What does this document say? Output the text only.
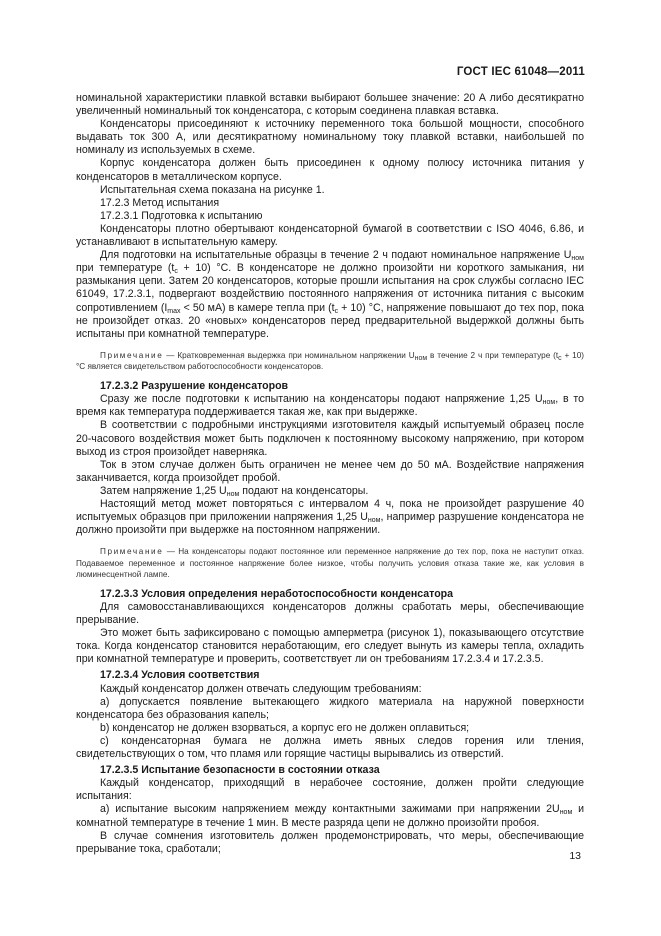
ГОСТ IEC 61048—2011

номинальной характеристики плавкой вставки выбирают большее значение: 20 А либо десятикратно увеличенный номинальный ток конденсатора, с которым соединена плавкая вставка.

Конденсаторы присоединяют к источнику переменного тока большой мощности, способного выдавать ток 300 А, или десятикратному номинальному току плавкой вставки, наибольшей по номиналу из используемых в схеме.

Корпус конденсатора должен быть присоединен к одному полюсу источника питания у конденсаторов в металлическом корпусе.

Испытательная схема показана на рисунке 1.

17.2.3 Метод испытания

17.2.3.1 Подготовка к испытанию

Конденсаторы плотно обертывают конденсаторной бумагой в соответствии с ISO 4046, 6.86, и устанавливают в испытательную камеру.

Для подготовки на испытательные образцы в течение 2 ч подают номинальное напряжение $U_{ном}$ при температуре $(t_c + 10)$ °С. В конденсаторе не должно произойти ни короткого замыкания, ни размыкания цепи. Затем 20 конденсаторов, которые прошли испытания на срок службы согласно IEC 61049, 17.2.3.1, подвергают воздействию постоянного напряжения от источника питания с высоким сопротивлением ($I_{max} < 50$ мА) в камере тепла при $(t_c + 10)$ °С, напряжение повышают до тех пор, пока не произойдет отказ. 20 «новых» конденсаторов перед предварительной выдержкой должны быть испытаны при комнатной температуре.

Примечание — Кратковременная выдержка при номинальном напряжении $U_{ном}$ в течение 2 ч при температуре $(t_c + 10)$ °С является свидетельством работоспособности конденсаторов.

17.2.3.2 Разрушение конденсаторов

Сразу же после подготовки к испытанию на конденсаторы подают напряжение 1,25 $U_{ном}$, в то время как температура поддерживается такая же, как при выдержке.

В соответствии с подробными инструкциями изготовителя каждый испытуемый образец после 20-часового воздействия может быть подключен к постоянному высокому напряжению, при котором выход из строя произойдет наверняка.

Ток в этом случае должен быть ограничен не менее чем до 50 мА. Воздействие напряжения заканчивается, когда произойдет пробой.

Затем напряжение 1,25 $U_{ном}$ подают на конденсаторы.

Настоящий метод может повторяться с интервалом 4 ч, пока не произойдет разрушение 40 испытуемых образцов при приложении напряжения 1,25 $U_{ном}$, например разрушение конденсатора не должно произойти при выдержке на постоянном напряжении.

Примечание — На конденсаторы подают постоянное или переменное напряжение до тех пор, пока не наступит отказ. Подаваемое переменное и постоянное напряжение более низкое, чтобы получить условия отказа такие же, как условия в люминесцентной лампе.

17.2.3.3 Условия определения неработоспособности конденсатора

Для самовосстанавливающихся конденсаторов должны сработать меры, обеспечивающие прерывание.

Это может быть зафиксировано с помощью амперметра (рисунок 1), показывающего отсутствие тока. Когда конденсатор становится неработающим, его следует вынуть из камеры тепла, охладить при комнатной температуре и проверить, соответствует ли он требованиям 17.2.3.4 и 17.2.3.5.

17.2.3.4 Условия соответствия

Каждый конденсатор должен отвечать следующим требованиям:

а) допускается появление вытекающего жидкого материала на наружной поверхности конденсатора без образования капель;

b) конденсатор не должен взорваться, а корпус его не должен оплавиться;

с) конденсаторная бумага не должна иметь явных следов горения или тления, свидетельствующих о том, что пламя или горящие частицы вырывались из отверстий.

17.2.3.5 Испытание безопасности в состоянии отказа

Каждый конденсатор, приходящий в нерабочее состояние, должен пройти следующие испытания:

а) испытание высоким напряжением между контактными зажимами при напряжении $2U_{ном}$ и комнатной температуре в течение 1 мин. В месте разряда цепи не должно произойти пробоя.

В случае сомнения изготовитель должен продемонстрировать, что меры, обеспечивающие прерывание тока, сработали;

13
